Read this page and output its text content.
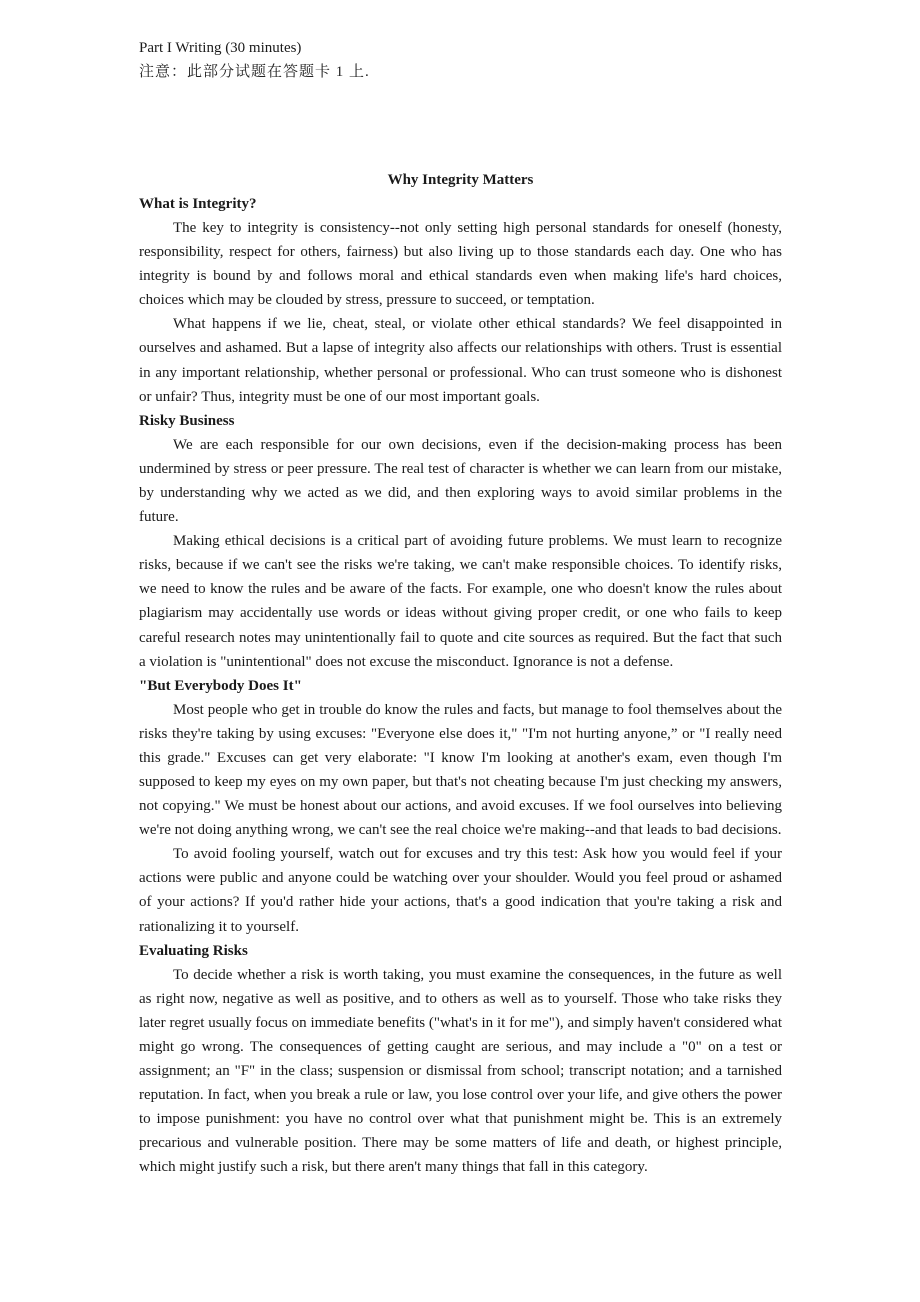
Part I Writing (30 minutes)

注意：此部分试题在答题卡 1 上.

Why Integrity Matters

What is Integrity?

The key to integrity is consistency--not only setting high personal standards for oneself (honesty, responsibility, respect for others, fairness) but also living up to those standards each day. One who has integrity is bound by and follows moral and ethical standards even when making life's hard choices, choices which may be clouded by stress, pressure to succeed, or temptation.

What happens if we lie, cheat, steal, or violate other ethical standards? We feel disappointed in ourselves and ashamed. But a lapse of integrity also affects our relationships with others. Trust is essential in any important relationship, whether personal or professional. Who can trust someone who is dishonest or unfair? Thus, integrity must be one of our most important goals.

Risky Business

We are each responsible for our own decisions, even if the decision-making process has been undermined by stress or peer pressure. The real test of character is whether we can learn from our mistake, by understanding why we acted as we did, and then exploring ways to avoid similar problems in the future.

Making ethical decisions is a critical part of avoiding future problems. We must learn to recognize risks, because if we can't see the risks we're taking, we can't make responsible choices. To identify risks, we need to know the rules and be aware of the facts. For example, one who doesn't know the rules about plagiarism may accidentally use words or ideas without giving proper credit, or one who fails to keep careful research notes may unintentionally fail to quote and cite sources as required. But the fact that such a violation is "unintentional" does not excuse the misconduct. Ignorance is not a defense.

"But Everybody Does It"

Most people who get in trouble do know the rules and facts, but manage to fool themselves about the risks they're taking by using excuses: "Everyone else does it," "I'm not hurting anyone,” or "I really need this grade." Excuses can get very elaborate: "I know I'm looking at another's exam, even though I'm supposed to keep my eyes on my own paper, but that's not cheating because I'm just checking my answers, not copying." We must be honest about our actions, and avoid excuses. If we fool ourselves into believing we're not doing anything wrong, we can't see the real choice we're making--and that leads to bad decisions.

To avoid fooling yourself, watch out for excuses and try this test: Ask how you would feel if your actions were public and anyone could be watching over your shoulder. Would you feel proud or ashamed of your actions? If you'd rather hide your actions, that's a good indication that you're taking a risk and rationalizing it to yourself.

Evaluating Risks

To decide whether a risk is worth taking, you must examine the consequences, in the future as well as right now, negative as well as positive, and to others as well as to yourself. Those who take risks they later regret usually focus on immediate benefits ("what's in it for me"), and simply haven't considered what might go wrong. The consequences of getting caught are serious, and may include a "0" on a test or assignment; an "F" in the class; suspension or dismissal from school; transcript notation; and a tarnished reputation. In fact, when you break a rule or law, you lose control over your life, and give others the power to impose punishment: you have no control over what that punishment might be. This is an extremely precarious and vulnerable position. There may be some matters of life and death, or highest principle, which might justify such a risk, but there aren't many things that fall in this category.
